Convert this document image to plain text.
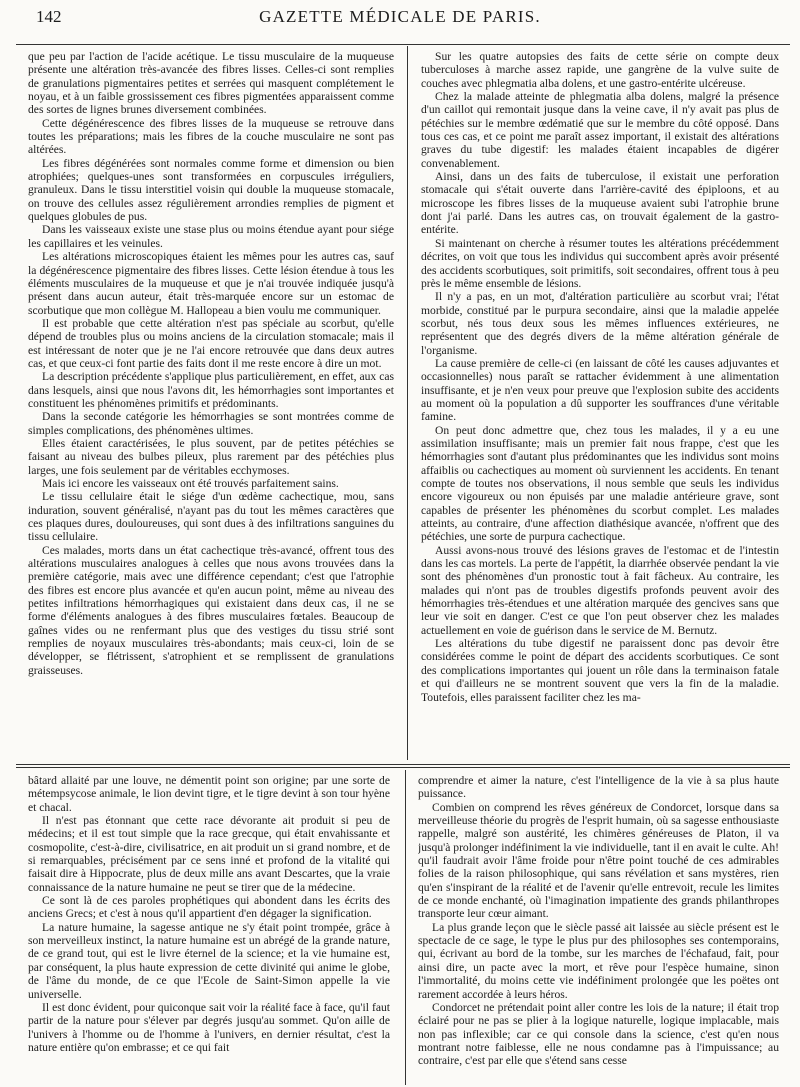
142	GAZETTE MÉDICALE DE PARIS.

que peu par l'action de l'acide acétique. Le tissu musculaire de la muqueuse présente une altération très-avancée des fibres lisses. Celles-ci sont remplies de granulations pigmentaires petites et serrées qui masquent complétement le noyau, et à un faible grossissement ces fibres pigmentées apparaissent comme des sortes de lignes brunes diversement combinées.

Cette dégénérescence des fibres lisses de la muqueuse se retrouve dans toutes les préparations; mais les fibres de la couche musculaire ne sont pas altérées.

Les fibres dégénérées sont normales comme forme et dimension ou bien atrophiées; quelques-unes sont transformées en corpuscules irréguliers, granuleux. Dans le tissu interstitiel voisin qui double la muqueuse stomacale, on trouve des cellules assez régulièrement arrondies remplies de pigment et quelques globules de pus.

Dans les vaisseaux existe une stase plus ou moins étendue ayant pour siége les capillaires et les veinules.

Les altérations microscopiques étaient les mêmes pour les autres cas, sauf la dégénérescence pigmentaire des fibres lisses. Cette lésion étendue à tous les éléments musculaires de la muqueuse et que je n'ai trouvée indiquée jusqu'à présent dans aucun auteur, était très-marquée encore sur un estomac de scorbutique que mon collègue M. Hallopeau a bien voulu me communiquer.

Il est probable que cette altération n'est pas spéciale au scorbut, qu'elle dépend de troubles plus ou moins anciens de la circulation stomacale; mais il est intéressant de noter que je ne l'ai encore retrouvée que dans deux autres cas, et que ceux-ci font partie des faits dont il me reste encore à dire un mot.

La description précédente s'applique plus particulièrement, en effet, aux cas dans lesquels, ainsi que nous l'avons dit, les hémorrhagies sont importantes et constituent les phénomènes primitifs et prédominants.

Dans la seconde catégorie les hémorrhagies se sont montrées comme de simples complications, des phénomènes ultimes.

Elles étaient caractérisées, le plus souvent, par de petites pétéchies se faisant au niveau des bulbes pileux, plus rarement par des pétéchies plus larges, une fois seulement par de véritables ecchymoses.

Mais ici encore les vaisseaux ont été trouvés parfaitement sains.

Le tissu cellulaire était le siége d'un œdème cachectique, mou, sans induration, souvent généralisé, n'ayant pas du tout les mêmes caractères que ces plaques dures, douloureuses, qui sont dues à des infiltrations sanguines du tissu cellulaire.

Ces malades, morts dans un état cachectique très-avancé, offrent tous des altérations musculaires analogues à celles que nous avons trouvées dans la première catégorie, mais avec une différence cependant; c'est que l'atrophie des fibres est encore plus avancée et qu'en aucun point, même au niveau des petites infiltrations hémorrhagiques qui existaient dans deux cas, il ne se forme d'éléments analogues à des fibres musculaires fœtales. Beaucoup de gaînes vides ou ne renfermant plus que des vestiges du tissu strié sont remplies de noyaux musculaires très-abondants; mais ceux-ci, loin de se développer, se flétrissent, s'atrophient et se remplissent de granulations graisseuses.

Sur les quatre autopsies des faits de cette série on compte deux tuberculoses à marche assez rapide, une gangrène de la vulve suite de couches avec phlegmatia alba dolens, et une gastro-entérite ulcéreuse.

Chez la malade atteinte de phlegmatia alba dolens, malgré la présence d'un caillot qui remontait jusque dans la veine cave, il n'y avait pas plus de pétéchies sur le membre œdématié que sur le membre du côté opposé. Dans tous ces cas, et ce point me paraît assez important, il existait des altérations graves du tube digestif: les malades étaient incapables de digérer convenablement.

Ainsi, dans un des faits de tuberculose, il existait une perforation stomacale qui s'était ouverte dans l'arrière-cavité des épiploons, et au microscope les fibres lisses de la muqueuse avaient subi l'atrophie brune dont j'ai parlé. Dans les autres cas, on trouvait également de la gastro-entérite.

Si maintenant on cherche à résumer toutes les altérations précédemment décrites, on voit que tous les individus qui succombent après avoir présenté des accidents scorbutiques, soit primitifs, soit secondaires, offrent tous à peu près le même ensemble de lésions.

Il n'y a pas, en un mot, d'altération particulière au scorbut vrai; l'état morbide, constitué par le purpura secondaire, ainsi que la maladie appelée scorbut, nés tous deux sous les mêmes influences extérieures, ne représentent que des degrés divers de la même altération générale de l'organisme.

La cause première de celle-ci (en laissant de côté les causes adjuvantes et occasionnelles) nous paraît se rattacher évidemment à une alimentation insuffisante, et je n'en veux pour preuve que l'explosion subite des accidents au moment où la population a dû supporter les souffrances d'une véritable famine.

On peut donc admettre que, chez tous les malades, il y a eu une assimilation insuffisante; mais un premier fait nous frappe, c'est que les hémorrhagies sont d'autant plus prédominantes que les individus sont moins affaiblis ou cachectiques au moment où surviennent les accidents. En tenant compte de toutes nos observations, il nous semble que seuls les individus encore vigoureux ou non épuisés par une maladie antérieure grave, sont capables de présenter les phénomènes du scorbut complet. Les malades atteints, au contraire, d'une affection diathésique avancée, n'offrent que des pétéchies, une sorte de purpura cachectique.

Aussi avons-nous trouvé des lésions graves de l'estomac et de l'intestin dans les cas mortels. La perte de l'appétit, la diarrhée observée pendant la vie sont des phénomènes d'un pronostic tout à fait fâcheux. Au contraire, les malades qui n'ont pas de troubles digestifs profonds peuvent avoir des hémorrhagies très-étendues et une altération marquée des gencives sans que leur vie soit en danger. C'est ce que l'on peut observer chez les malades actuellement en voie de guérison dans le service de M. Bernutz.

Les altérations du tube digestif ne paraissent donc pas devoir être considérées comme le point de départ des accidents scorbutiques. Ce sont des complications importantes qui jouent un rôle dans la terminaison fatale et qui d'ailleurs ne se montrent souvent que vers la fin de la maladie. Toutefois, elles paraissent faciliter chez les ma-

bâtard allaité par une louve, ne démentit point son origine; par une sorte de métempsycose animale, le lion devint tigre, et le tigre devint à son tour hyène et chacal.

Il n'est pas étonnant que cette race dévorante ait produit si peu de médecins; et il est tout simple que la race grecque, qui était envahissante et cosmopolite, c'est-à-dire, civilisatrice, en ait produit un si grand nombre, et de si remarquables, précisément par ce sens inné et profond de la vitalité qui faisait dire à Hippocrate, plus de deux mille ans avant Descartes, que la vraie connaissance de la nature humaine ne peut se tirer que de la médecine.

Ce sont là de ces paroles prophétiques qui abondent dans les écrits des anciens Grecs; et c'est à nous qu'il appartient d'en dégager la signification.

La nature humaine, la sagesse antique ne s'y était point trompée, grâce à son merveilleux instinct, la nature humaine est un abrégé de la grande nature, de ce grand tout, qui est le livre éternel de la science; et la vie humaine est, par conséquent, la plus haute expression de cette divinité qui anime le globe, de l'âme du monde, de ce que l'Ecole de Saint-Simon appelle la vie universelle.

Il est donc évident, pour quiconque sait voir la réalité face à face, qu'il faut partir de la nature pour s'élever par degrés jusqu'au sommet. Qu'on aille de l'univers à l'homme ou de l'homme à l'univers, en dernier résultat, c'est la nature entière qu'on embrasse; et ce qui fait

comprendre et aimer la nature, c'est l'intelligence de la vie à sa plus haute puissance.

Combien on comprend les rêves généreux de Condorcet, lorsque dans sa merveilleuse théorie du progrès de l'esprit humain, où sa sagesse enthousiaste rappelle, malgré son austérité, les chimères généreuses de Platon, il va jusqu'à prolonger indéfiniment la vie individuelle, tant il en avait le culte. Ah! qu'il faudrait avoir l'âme froide pour n'être point touché de ces admirables folies de la raison philosophique, qui sans révélation et sans mystères, rien qu'en s'inspirant de la réalité et de l'avenir qu'elle entrevoit, recule les limites de ce monde enchanté, où l'imagination impatiente des grands philanthropes transporte leur cœur aimant.

La plus grande leçon que le siècle passé ait laissée au siècle présent est le spectacle de ce sage, le type le plus pur des philosophes ses contemporains, qui, écrivant au bord de la tombe, sur les marches de l'échafaud, fait, pour ainsi dire, un pacte avec la mort, et rêve pour l'espèce humaine, sinon l'immortalité, du moins cette vie indéfiniment prolongée que les poëtes ont rarement accordée à leurs héros.

Condorcet ne prétendait point aller contre les lois de la nature; il était trop éclairé pour ne pas se plier à la logique naturelle, logique implacable, mais non pas inflexible; car ce qui console dans la science, c'est qu'en nous montrant notre faiblesse, elle ne nous condamne pas à l'impuissance; au contraire, c'est par elle que s'étend sans cesse
